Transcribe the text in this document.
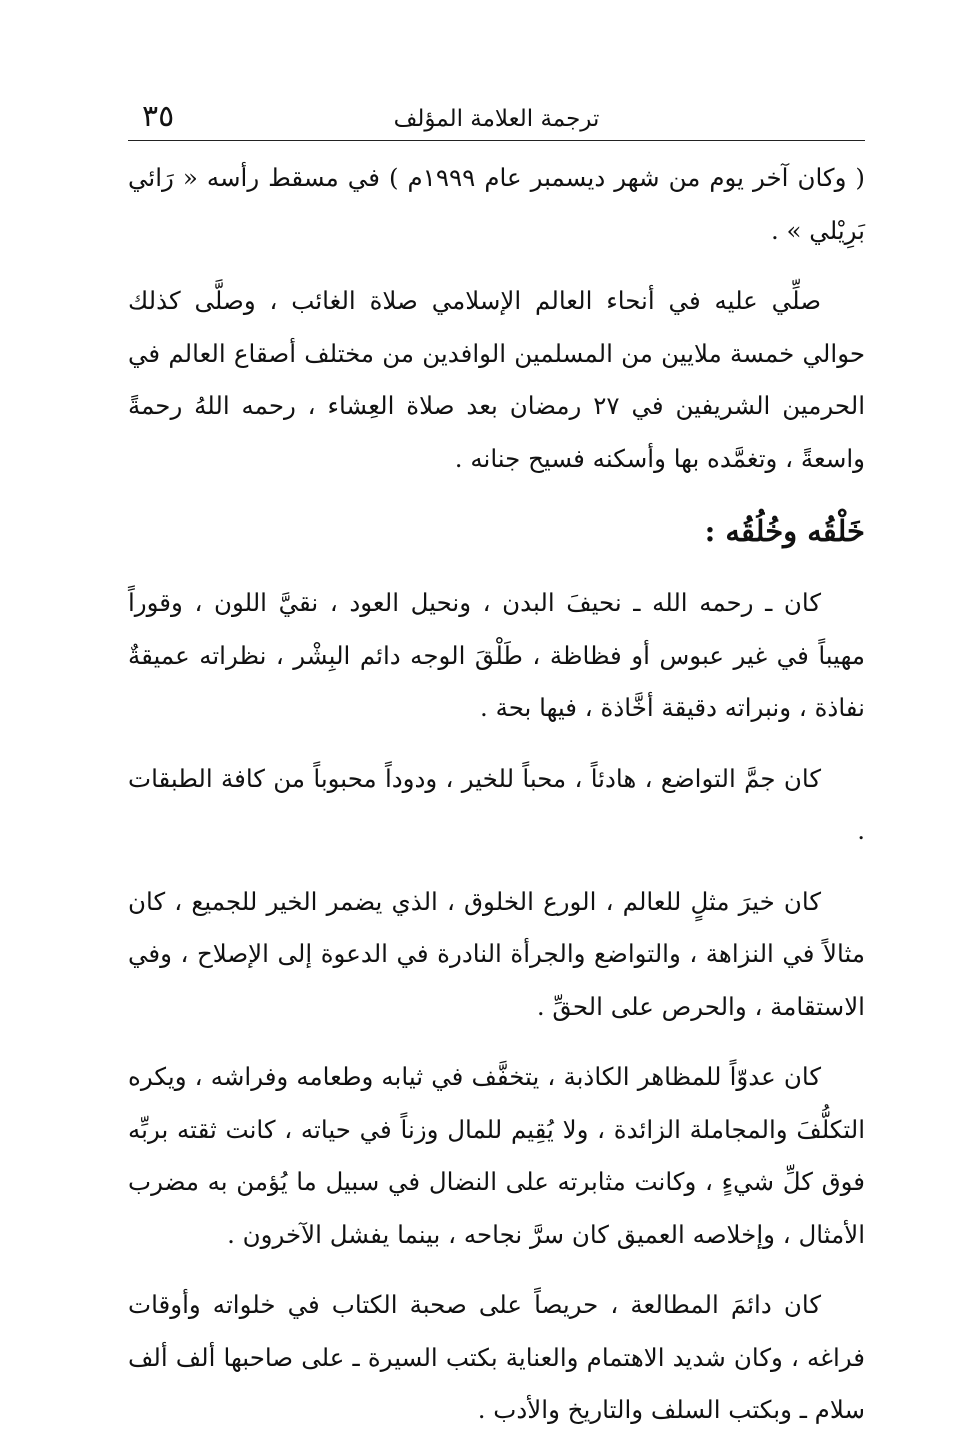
٣٥	ترجمة العلامة المؤلف

( وكان آخر يوم من شهر ديسمبر عام ١٩٩٩م ) في مسقط رأسه « رَائي بَرِيْلي » .

صلِّي عليه في أنحاء العالم الإسلامي صلاة الغائب ، وصلَّى كذلك حوالي خمسة ملايين من المسلمين الوافدين من مختلف أصقاع العالم في الحرمين الشريفين في ٢٧ رمضان بعد صلاة العِشاء ، رحمه اللهُ رحمةً واسعةً ، وتغمَّده بها وأسكنه فسيح جنانه .

خَلْقُه وخُلُقُه :

كان ـ رحمه الله ـ نحيفَ البدن ، ونحيل العود ، نقيَّ اللون ، وقوراً مهيباً في غير عبوس أو فظاظة ، طَلْقَ الوجه دائم البِشْر ، نظراته عميقةٌ نفاذة ، ونبراته دقيقة أخَّاذة ، فيها بحة .

كان جمَّ التواضع ، هادئاً ، محباً للخير ، ودوداً محبوباً من كافة الطبقات .

كان خيرَ مثلٍ للعالم ، الورع الخلوق ، الذي يضمر الخير للجميع ، كان مثالاً في النزاهة ، والتواضع والجرأة النادرة في الدعوة إلى الإصلاح ، وفي الاستقامة ، والحرص على الحقِّ .

كان عدوّاً للمظاهر الكاذبة ، يتخفَّف في ثيابه وطعامه وفراشه ، ويكره التكلُّفَ والمجاملة الزائدة ، ولا يُقِيم للمال وزناً في حياته ، كانت ثقته بربِّه فوق كلِّ شيءٍ ، وكانت مثابرته على النضال في سبيل ما يُؤمن به مضرب الأمثال ، وإخلاصه العميق كان سرَّ نجاحه ، بينما يفشل الآخرون .

كان دائمَ المطالعة ، حريصاً على صحبة الكتاب في خلواته وأوقات فراغه ، وكان شديد الاهتمام والعناية بكتب السيرة ـ على صاحبها ألف ألف سلام ـ وبكتب السلف والتاريخ والأدب .
